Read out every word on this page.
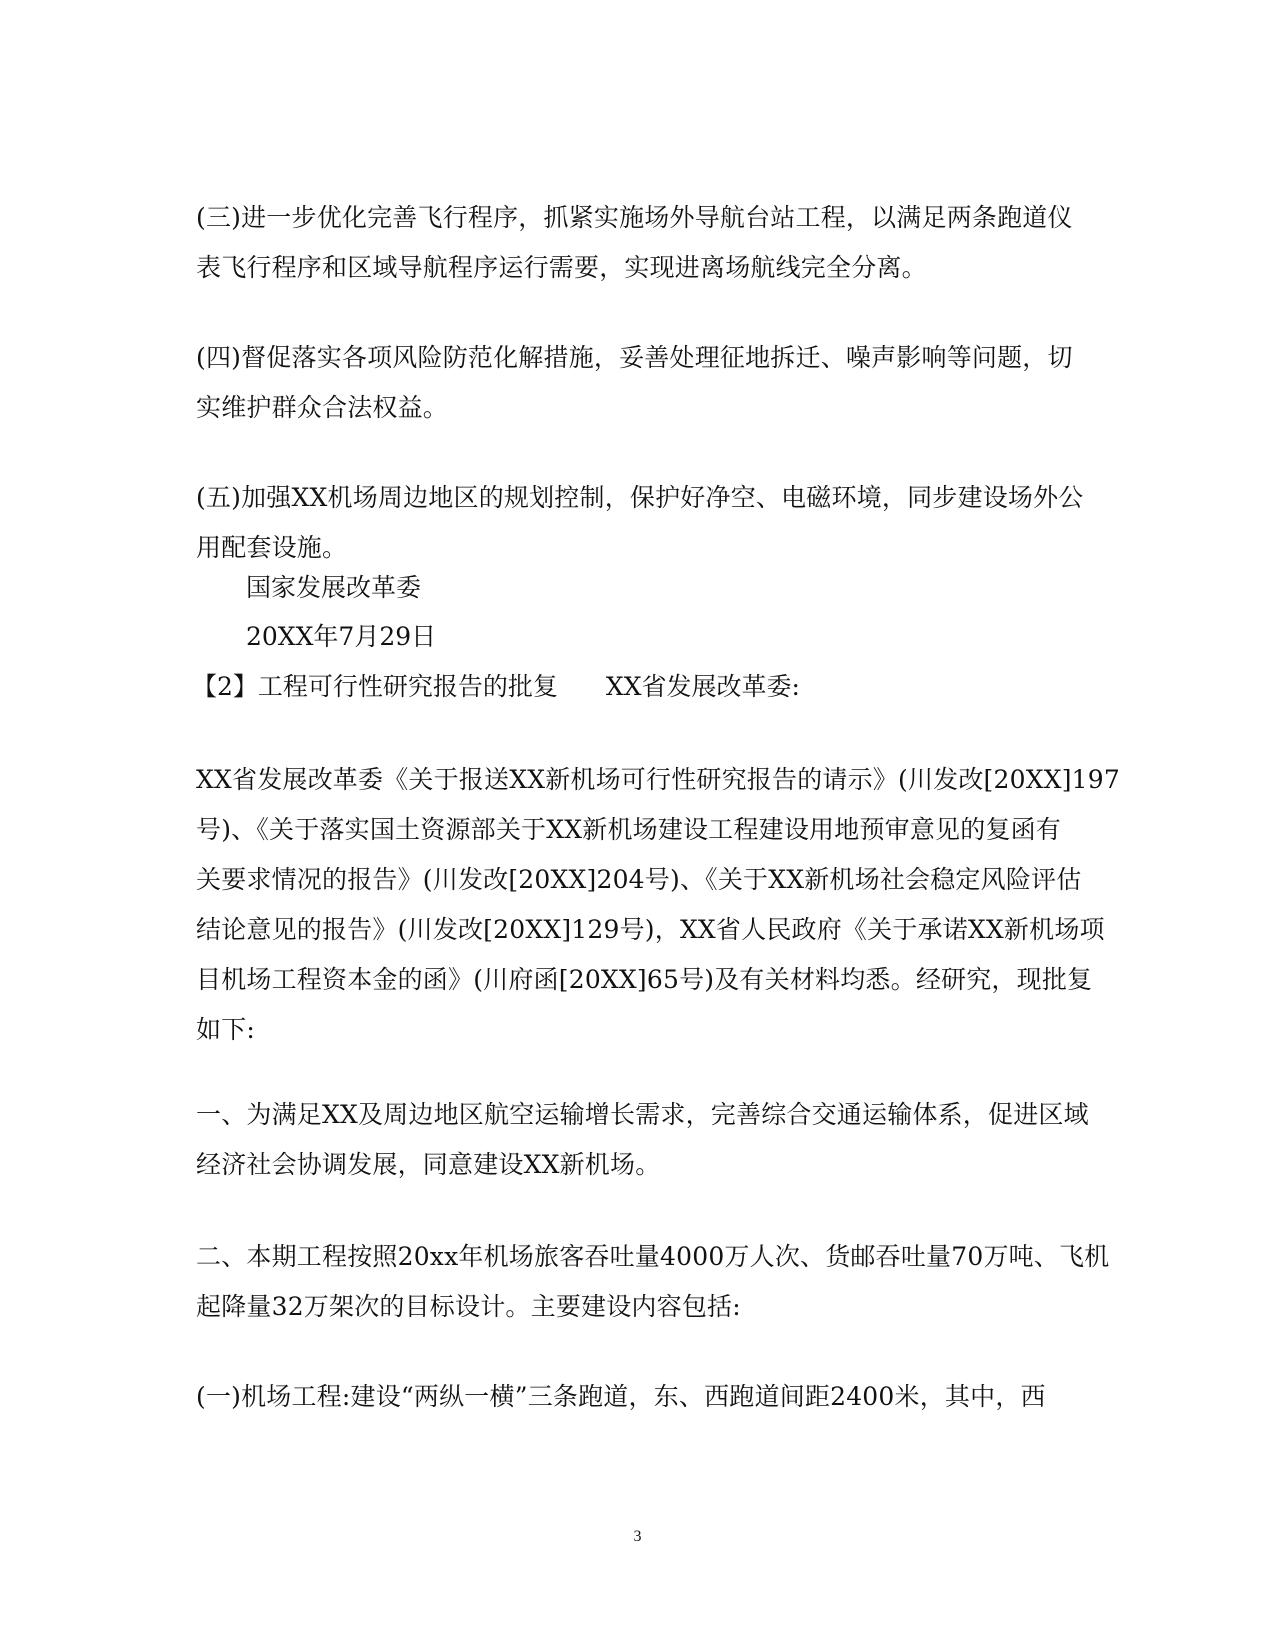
(三)进一步优化完善飞行程序，抓紧实施场外导航台站工程，以满足两条跑道仪
表飞行程序和区域导航程序运行需要，实现进离场航线完全分离。

(四)督促落实各项风险防范化解措施，妥善处理征地拆迁、噪声影响等问题，切
实维护群众合法权益。

(五)加强XX机场周边地区的规划控制，保护好净空、电磁环境，同步建设场外公
用配套设施。

国家发展改革委

20XX年7月29日

【2】工程可行性研究报告的批复 XX省发展改革委:

XX省发展改革委《关于报送XX新机场可行性研究报告的请示》(川发改[20XX]197
号)、《关于落实国土资源部关于XX新机场建设工程建设用地预审意见的复函有
关要求情况的报告》(川发改[20XX]204号)、《关于XX新机场社会稳定风险评估
结论意见的报告》(川发改[20XX]129号)，XX省人民政府《关于承诺XX新机场项
目机场工程资本金的函》(川府函[20XX]65号)及有关材料均悉。经研究，现批复
如下:

一、为满足XX及周边地区航空运输增长需求，完善综合交通运输体系，促进区域
经济社会协调发展，同意建设XX新机场。

二、本期工程按照20xx年机场旅客吞吐量4000万人次、货邮吞吐量70万吨、飞机
起降量32万架次的目标设计。主要建设内容包括:

(一)机场工程:建设“两纵一横”三条跑道，东、西跑道间距2400米，其中，西

3
